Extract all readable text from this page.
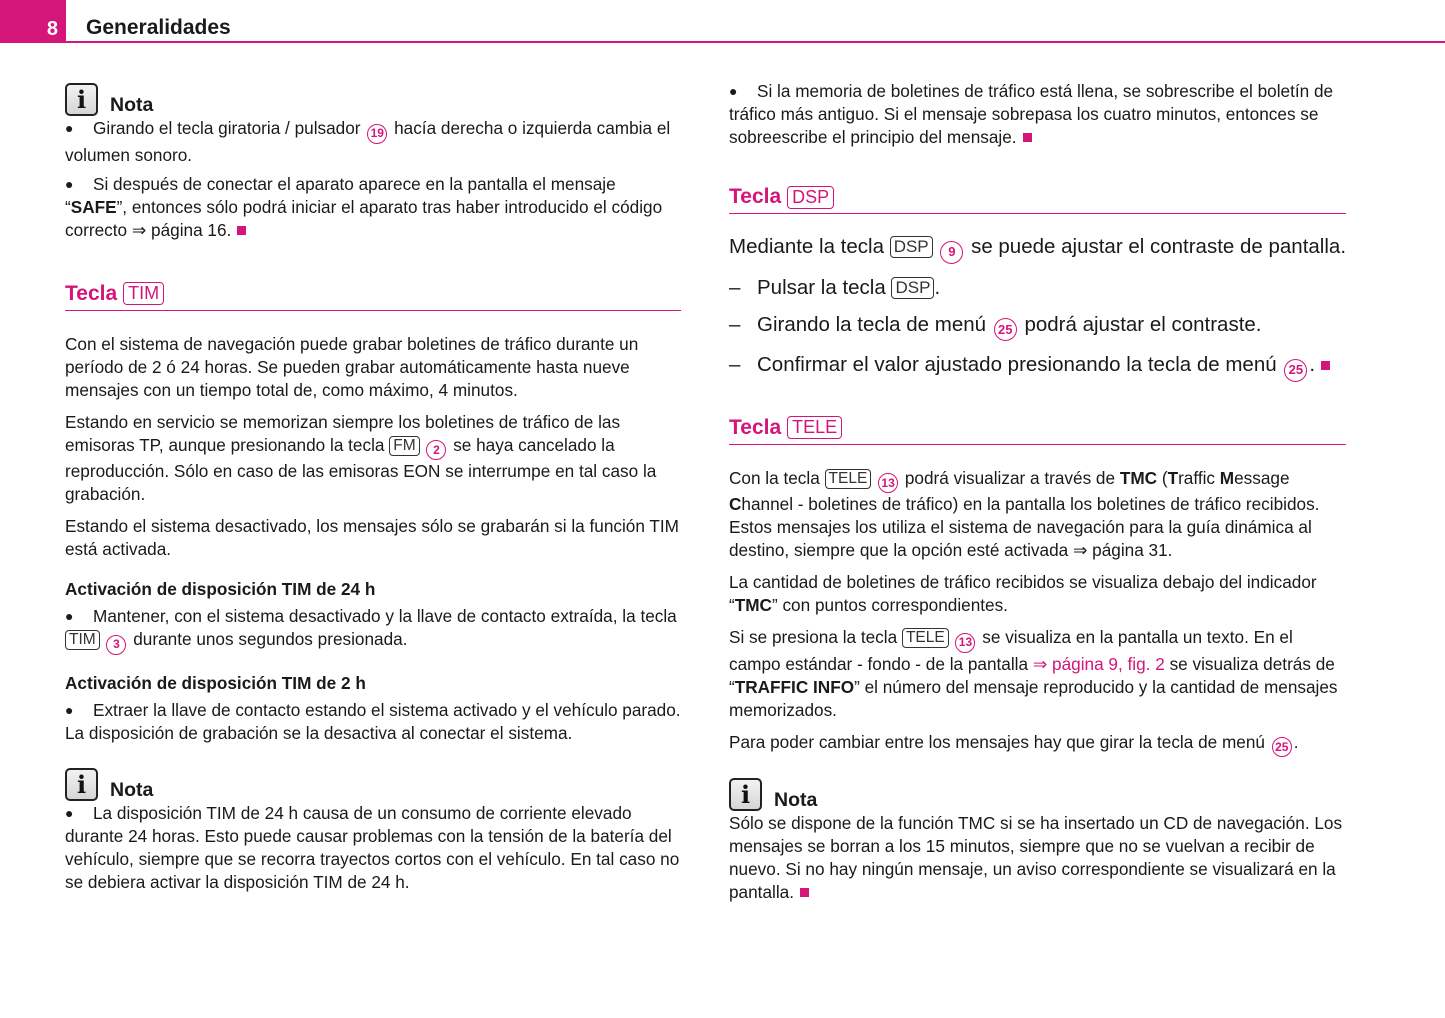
8	Generalidades
i	Nota

● Girando el tecla giratoria / pulsador 19 hacía derecha o izquierda cambia el volumen sonoro.

● Si después de conectar el aparato aparece en la pantalla el mensaje “SAFE”, entonces sólo podrá iniciar el aparato tras haber introducido el código correcto ⇒ página 16.

Tecla TIM

Con el sistema de navegación puede grabar boletines de tráfico durante un período de 2 ó 24 horas. Se pueden grabar automáticamente hasta nueve mensajes con un tiempo total de, como máximo, 4 minutos.

Estando en servicio se memorizan siempre los boletines de tráfico de las emisoras TP, aunque presionando la tecla FM 2 se haya cancelado la reproducción. Sólo en caso de las emisoras EON se interrumpe en tal caso la grabación.

Estando el sistema desactivado, los mensajes sólo se grabarán si la función TIM está activada.

Activación de disposición TIM de 24 h

● Mantener, con el sistema desactivado y la llave de contacto extraída, la tecla TIM 3 durante unos segundos presionada.

Activación de disposición TIM de 2 h

● Extraer la llave de contacto estando el sistema activado y el vehículo parado. La disposición de grabación se la desactiva al conectar el sistema.

i	Nota

● La disposición TIM de 24 h causa de un consumo de corriente elevado durante 24 horas. Esto puede causar problemas con la tensión de la batería del vehículo, siempre que se recorra trayectos cortos con el vehículo. En tal caso no se debiera activar la disposición TIM de 24 h.

● Si la memoria de boletines de tráfico está llena, se sobrescribe el boletín de tráfico más antiguo. Si el mensaje sobrepasa los cuatro minutos, entonces se sobreescribe el principio del mensaje.

Tecla DSP

Mediante la tecla DSP 9 se puede ajustar el contraste de pantalla.

– Pulsar la tecla DSP .
– Girando la tecla de menú 25 podrá ajustar el contraste.
– Confirmar el valor ajustado presionando la tecla de menú 25 .
Tecla TELE

Con la tecla TELE 13 podrá visualizar a través de TMC (Traffic Message Channel - boletines de tráfico) en la pantalla los boletines de tráfico recibidos. Estos mensajes los utiliza el sistema de navegación para la guía dinámica al destino, siempre que la opción esté activada ⇒ página 31.

La cantidad de boletines de tráfico recibidos se visualiza debajo del indicador “TMC” con puntos correspondientes.

Si se presiona la tecla TELE 13 se visualiza en la pantalla un texto. En el campo estándar - fondo - de la pantalla ⇒ página 9, fig. 2 se visualiza detrás de “TRAFFIC INFO” el número del mensaje reproducido y la cantidad de mensajes memorizados.

Para poder cambiar entre los mensajes hay que girar la tecla de menú 25 .

i	Nota

Sólo se dispone de la función TMC si se ha insertado un CD de navegación. Los mensajes se borran a los 15 minutos, siempre que no se vuelvan a recibir de nuevo. Si no hay ningún mensaje, un aviso correspondiente se visualizará en la pantalla.
